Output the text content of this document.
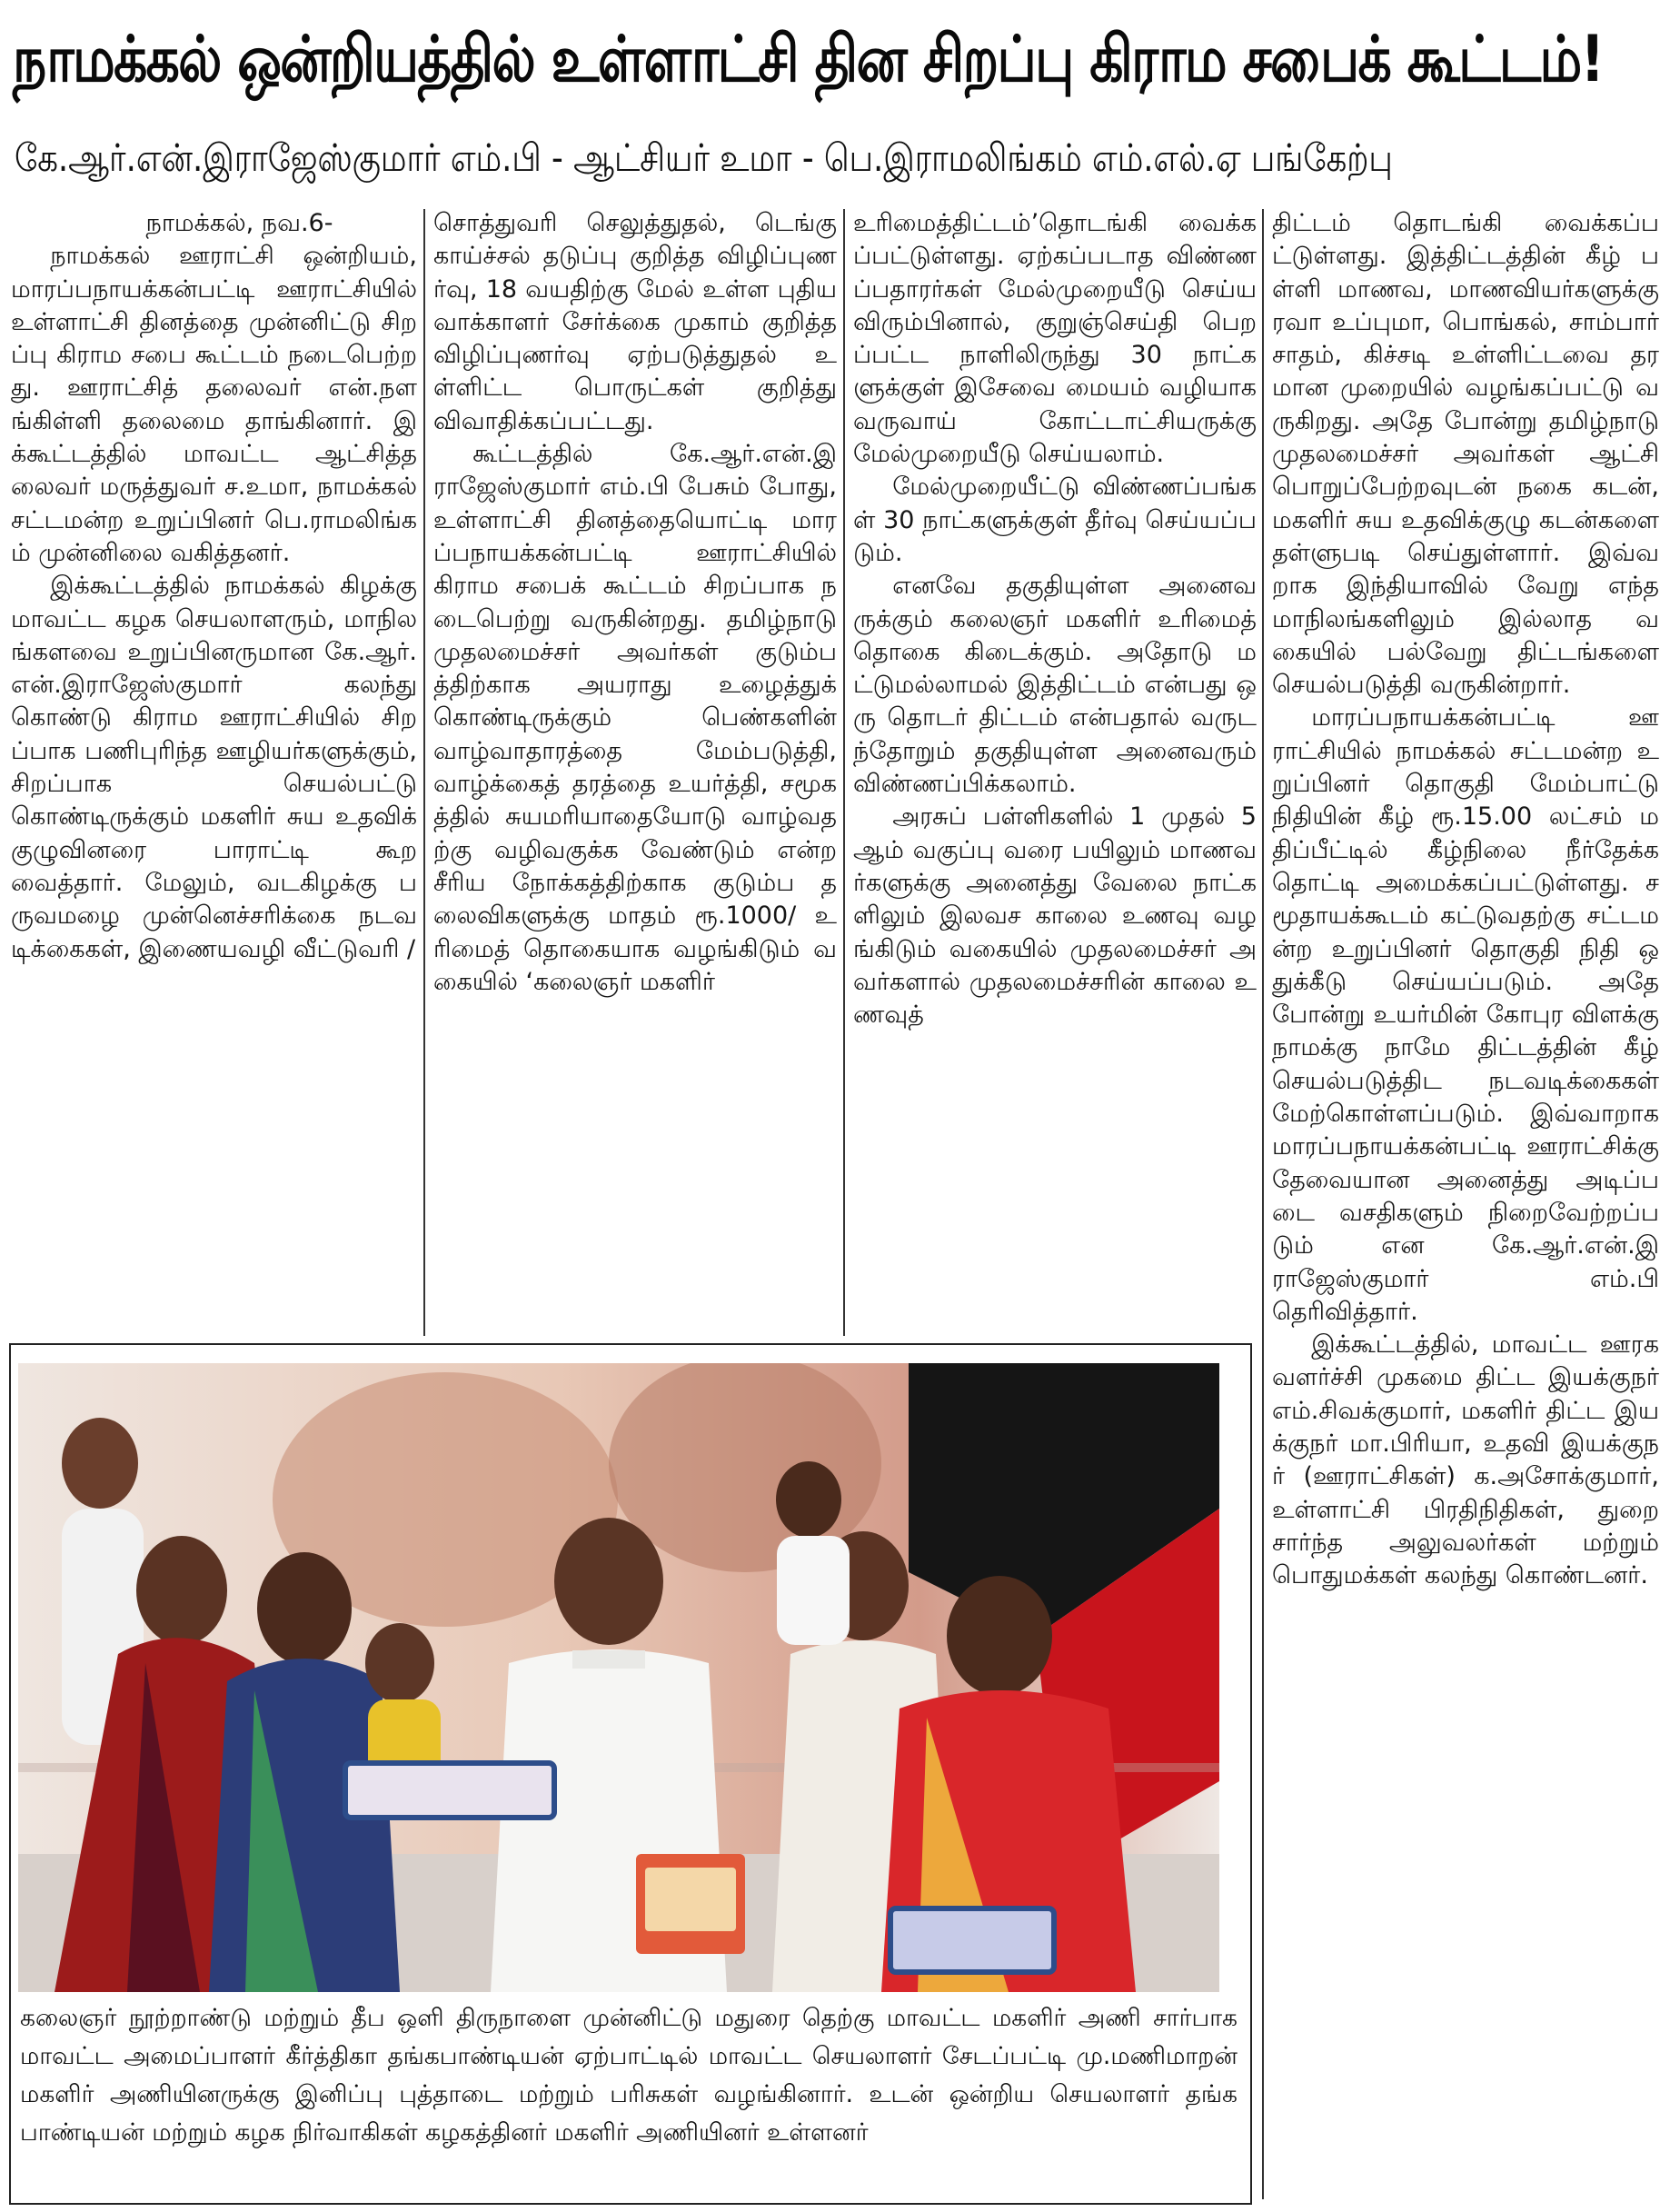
நாமக்கல் ஒன்றியத்தில் உள்ளாட்சி தின சிறப்பு கிராம சபைக் கூட்டம்!
கே.ஆர்.என்.இராஜேஸ்குமார் எம்.பி - ஆட்சியர் உமா - பெ.இராமலிங்கம் எம்.எல்.ஏ பங்கேற்பு

நாமக்கல், நவ.6-

நாமக்கல் ஊராட்சி ஒன்றியம், மாரப்பநாயக்கன்பட்டி ஊராட்சியில் உள்ளாட்சி தினத்தை முன்னிட்டு சிறப்பு கிராம சபை கூட்டம் நடைபெற்றது. ஊராட்சித் தலைவர் என்.நளங்கிள்ளி தலைமை தாங்கினார். இக்கூட்டத்தில் மாவட்ட ஆட்சித்தலைவர் மருத்துவர் ச.உமா, நாமக்கல் சட்டமன்ற உறுப்பினர் பெ.ராமலிங்கம் முன்னிலை வகித்தனர்.

இக்கூட்டத்தில் நாமக்கல் கிழக்கு மாவட்ட கழக செயலாளரும், மாநிலங்களவை உறுப்பினருமான கே.ஆர்.என்.இராஜேஸ்குமார் கலந்து கொண்டு கிராம ஊராட்சியில் சிறப்பாக பணிபுரிந்த ஊழியர்களுக்கும், சிறப்பாக செயல்பட்டு கொண்டிருக்கும் மகளிர் சுய உதவிக் குழுவினரை பாராட்டி கூற வைத்தார். மேலும், வடகிழக்கு பருவமழை முன்னெச்சரிக்கை நடவடிக்கைகள், இணையவழி வீட்டுவரி /

சொத்துவரி செலுத்துதல், டெங்கு காய்ச்சல் தடுப்பு குறித்த விழிப்புணர்வு, 18 வயதிற்கு மேல் உள்ள புதிய வாக்காளர் சேர்க்கை முகாம் குறித்த விழிப்புணர்வு ஏற்படுத்துதல் உள்ளிட்ட பொருட்கள் குறித்து விவாதிக்கப்பட்டது.

கூட்டத்தில் கே.ஆர்.என்.இராஜேஸ்குமார் எம்.பி பேசும் போது, உள்ளாட்சி தினத்தையொட்டி மாரப்பநாயக்கன்பட்டி ஊராட்சியில் கிராம சபைக் கூட்டம் சிறப்பாக நடைபெற்று வருகின்றது. தமிழ்நாடு முதலமைச்சர் அவர்கள் குடும்பத்திற்காக அயராது உழைத்துக் கொண்டிருக்கும் பெண்களின் வாழ்வாதாரத்தை மேம்படுத்தி, வாழ்க்கைத் தரத்தை உயர்த்தி, சமூகத்தில் சுயமரியாதையோடு வாழ்வதற்கு வழிவகுக்க வேண்டும் என்ற சீரிய நோக்கத்திற்காக குடும்ப தலைவிகளுக்கு மாதம் ரூ.1000/ உரிமைத் தொகையாக வழங்கிடும் வகையில் ‘கலைஞர் மகளிர்

உரிமைத்திட்டம்’தொடங்கி வைக்கப்பட்டுள்ளது. ஏற்கப்படாத விண்ணப்பதாரர்கள் மேல்முறையீடு செய்ய விரும்பினால், குறுஞ்செய்தி பெறப்பட்ட நாளிலிருந்து 30 நாட்களுக்குள் இசேவை மையம் வழியாக வருவாய் கோட்டாட்சியருக்கு மேல்முறையீடு செய்யலாம்.

மேல்முறையீட்டு விண்ணப்பங்கள் 30 நாட்களுக்குள் தீர்வு செய்யப்படும்.

எனவே தகுதியுள்ள அனைவருக்கும் கலைஞர் மகளிர் உரிமைத் தொகை கிடைக்கும். அதோடு மட்டுமல்லாமல் இத்திட்டம் என்பது ஒரு தொடர் திட்டம் என்பதால் வருடந்தோறும் தகுதியுள்ள அனைவரும் விண்ணப்பிக்கலாம்.

அரசுப் பள்ளிகளில் 1 முதல் 5 ஆம் வகுப்பு வரை பயிலும் மாணவர்களுக்கு அனைத்து வேலை நாட்களிலும் இலவச காலை உணவு வழங்கிடும் வகையில் முதலமைச்சர் அவர்களால் முதலமைச்சரின் காலை உணவுத்

திட்டம் தொடங்கி வைக்கப்பட்டுள்ளது. இத்திட்டத்தின் கீழ் பள்ளி மாணவ, மாணவியர்களுக்கு ரவா உப்புமா, பொங்கல், சாம்பார் சாதம், கிச்சடி உள்ளிட்டவை தரமான முறையில் வழங்கப்பட்டு வருகிறது. அதே போன்று தமிழ்நாடு முதலமைச்சர் அவர்கள் ஆட்சி பொறுப்பேற்றவுடன் நகை கடன், மகளிர் சுய உதவிக்குழு கடன்களை தள்ளுபடி செய்துள்ளார். இவ்வறாக இந்தியாவில் வேறு எந்த மாநிலங்களிலும் இல்லாத வகையில் பல்வேறு திட்டங்களை செயல்படுத்தி வருகின்றார்.

மாரப்பநாயக்கன்பட்டி ஊராட்சியில் நாமக்கல் சட்டமன்ற உறுப்பினர் தொகுதி மேம்பாட்டு நிதியின் கீழ் ரூ.15.00 லட்சம் மதிப்பீட்டில் கீழ்நிலை நீர்தேக்க தொட்டி அமைக்கப்பட்டுள்ளது. சமூதாயக்கூடம் கட்டுவதற்கு சட்டமன்ற உறுப்பினர் தொகுதி நிதி ஒதுக்கீடு செய்யப்படும். அதே போன்று உயர்மின் கோபுர விளக்கு நாமக்கு நாமே திட்டத்தின் கீழ் செயல்படுத்திட நடவடிக்கைகள் மேற்கொள்ளப்படும். இவ்வாறாக மாரப்பநாயக்கன்பட்டி ஊராட்சிக்கு தேவையான அனைத்து அடிப்படை வசதிகளும் நிறைவேற்றப்படும் என கே.ஆர்.என்.இராஜேஸ்குமார் எம்.பி தெரிவித்தார்.

இக்கூட்டத்தில், மாவட்ட ஊரக வளர்ச்சி முகமை திட்ட இயக்குநர் எம்.சிவக்குமார், மகளிர் திட்ட இயக்குநர் மா.பிரியா, உதவி இயக்குநர் (ஊராட்சிகள்) க.அசோக்குமார், உள்ளாட்சி பிரதிநிதிகள், துறை சார்ந்த அலுவலர்கள் மற்றும் பொதுமக்கள் கலந்து கொண்டனர்.

கலைஞர் நூற்றாண்டு மற்றும் தீப ஒளி திருநாளை முன்னிட்டு மதுரை தெற்கு மாவட்ட மகளிர் அணி சார்பாக மாவட்ட அமைப்பாளர் கீர்த்திகா தங்கபாண்டியன் ஏற்பாட்டில் மாவட்ட செயலாளர் சேடப்பட்டி மு.மணிமாறன் மகளிர் அணியினருக்கு இனிப்பு புத்தாடை மற்றும் பரிசுகள் வழங்கினார். உடன் ஒன்றிய செயலாளர் தங்கபாண்டியன் மற்றும் கழக நிர்வாகிகள் கழகத்தினர் மகளிர் அணியினர் உள்ளனர்
